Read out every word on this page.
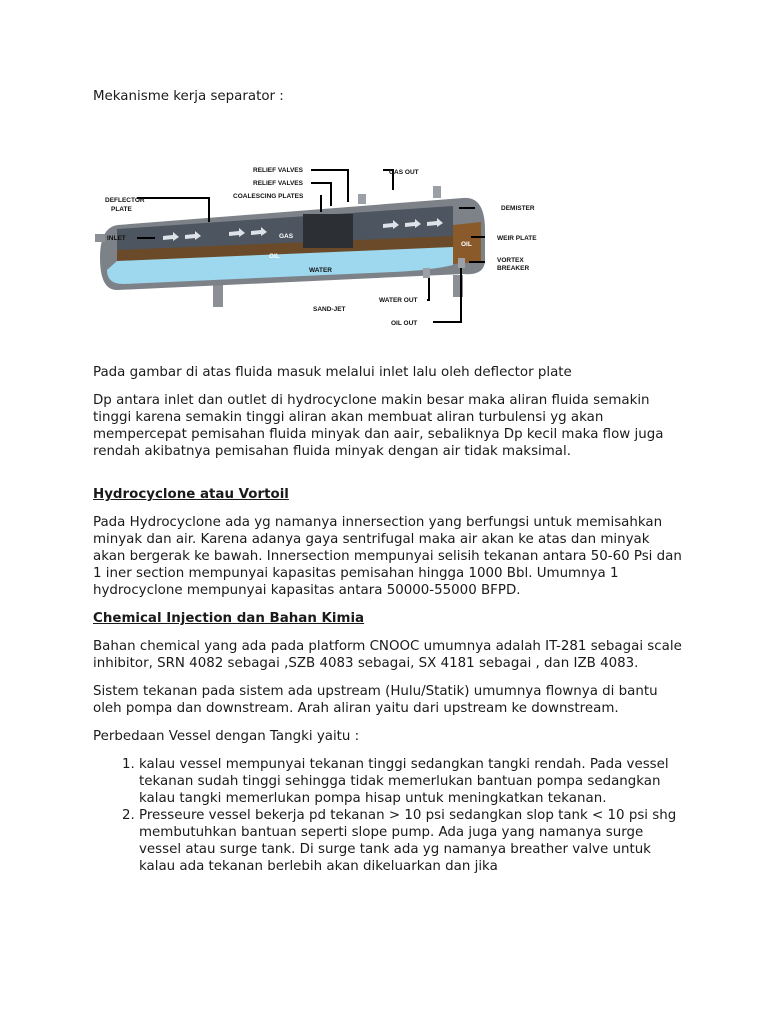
Mekanisme kerja separator :

RELIEF VALVES
RELIEF VALVES
COALESCING PLATES
GAS OUT
DEFLECTOR
PLATE
INLET
DEMISTER
WEIR PLATE
VORTEX
BREAKER
GAS
OIL
OIL
WATER
SAND-JET
WATER OUT
OIL OUT

Pada gambar di atas fluida masuk melalui inlet lalu oleh deflector plate

Dp antara inlet dan outlet di hydrocyclone makin besar maka aliran fluida semakin tinggi karena semakin tinggi aliran akan membuat aliran turbulensi yg akan mempercepat pemisahan fluida minyak dan aair, sebaliknya Dp kecil maka flow juga rendah akibatnya pemisahan fluida minyak dengan air tidak maksimal.

Hydrocyclone atau Vortoil

Pada Hydrocyclone ada yg namanya innersection yang berfungsi untuk memisahkan minyak dan air. Karena adanya gaya sentrifugal maka air akan ke atas dan minyak akan bergerak ke bawah. Innersection mempunyai selisih tekanan antara 50-60 Psi dan 1 iner section mempunyai kapasitas pemisahan hingga 1000 Bbl. Umumnya 1 hydrocyclone mempunyai kapasitas antara 50000-55000 BFPD.

Chemical Injection dan Bahan Kimia

Bahan chemical yang ada pada platform CNOOC umumnya adalah IT-281 sebagai scale inhibitor, SRN 4082 sebagai ,SZB 4083 sebagai, SX 4181 sebagai , dan IZB 4083.

Sistem tekanan pada sistem ada upstream (Hulu/Statik) umumnya flownya di bantu oleh pompa dan downstream. Arah aliran yaitu dari upstream ke downstream.

Perbedaan Vessel dengan Tangki yaitu :

1. kalau vessel mempunyai tekanan tinggi sedangkan tangki rendah. Pada vessel tekanan sudah tinggi sehingga tidak memerlukan bantuan pompa sedangkan kalau tangki memerlukan pompa hisap untuk meningkatkan tekanan.
2. Presseure vessel bekerja pd tekanan > 10 psi sedangkan slop tank < 10 psi shg membutuhkan bantuan seperti slope pump. Ada juga yang namanya surge vessel atau surge tank. Di surge tank ada yg namanya breather valve untuk kalau ada tekanan berlebih akan dikeluarkan dan jika
